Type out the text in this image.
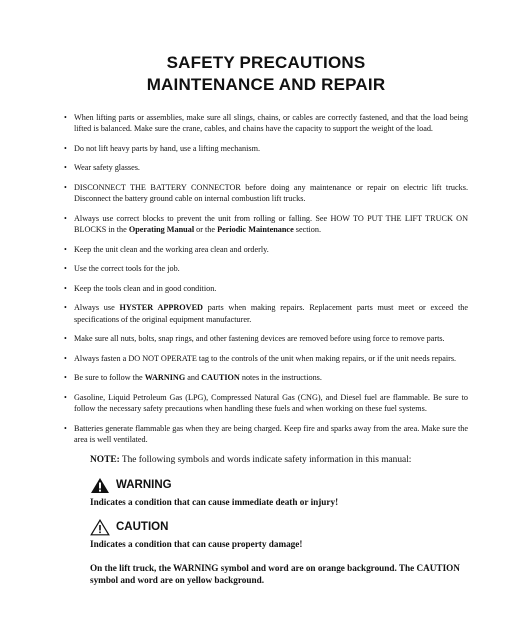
SAFETY PRECAUTIONS
MAINTENANCE AND REPAIR
• When lifting parts or assemblies, make sure all slings, chains, or cables are correctly fastened, and that the load being lifted is balanced. Make sure the crane, cables, and chains have the capacity to support the weight of the load.
• Do not lift heavy parts by hand, use a lifting mechanism.
• Wear safety glasses.
• DISCONNECT THE BATTERY CONNECTOR before doing any maintenance or repair on electric lift trucks. Disconnect the battery ground cable on internal combustion lift trucks.
• Always use correct blocks to prevent the unit from rolling or falling. See HOW TO PUT THE LIFT TRUCK ON BLOCKS in the Operating Manual or the Periodic Maintenance section.
• Keep the unit clean and the working area clean and orderly.
• Use the correct tools for the job.
• Keep the tools clean and in good condition.
• Always use HYSTER APPROVED parts when making repairs. Replacement parts must meet or exceed the specifications of the original equipment manufacturer.
• Make sure all nuts, bolts, snap rings, and other fastening devices are removed before using force to remove parts.
• Always fasten a DO NOT OPERATE tag to the controls of the unit when making repairs, or if the unit needs repairs.
• Be sure to follow the WARNING and CAUTION notes in the instructions.
• Gasoline, Liquid Petroleum Gas (LPG), Compressed Natural Gas (CNG), and Diesel fuel are flammable. Be sure to follow the necessary safety precautions when handling these fuels and when working on these fuel systems.
• Batteries generate flammable gas when they are being charged. Keep fire and sparks away from the area. Make sure the area is well ventilated.
NOTE: The following symbols and words indicate safety information in this manual:
WARNING
Indicates a condition that can cause immediate death or injury!
CAUTION
Indicates a condition that can cause property damage!
On the lift truck, the WARNING symbol and word are on orange background. The CAUTION symbol and word are on yellow background.
